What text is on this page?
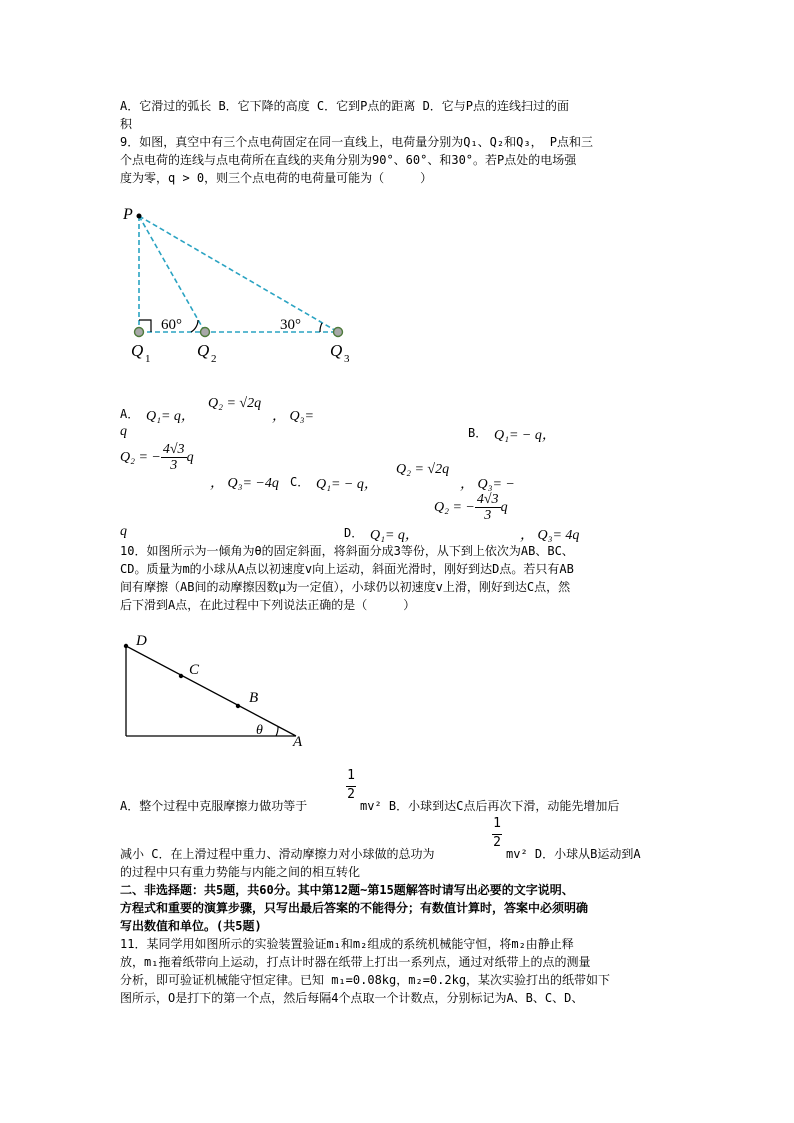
A．它滑过的弧长 B．它下降的高度 C．它到P点的距离 D．它与P点的连线扫过的面
积
9．如图，真空中有三个点电荷固定在同一直线上，电荷量分别为Q₁、Q₂和Q₃， P点和三
个点电荷的连线与点电荷所在直线的夹角分别为90°、60°、和30°。若P点处的电场强
度为零，q > 0，则三个点电荷的电荷量可能为（　　　）
P
60°	30°
Q 1	Q 2	Q 3
A． Q₁= q，
Q₂ = √2q
， Q₃=
q	B． Q₁= − q，
Q₂ = − $\frac{4√3}{3}$ q
， Q₃= −4q C． Q₁= − q，
Q₂ = √2q
， Q₃= −
Q₂ = − $\frac{4√3}{3}$ q
q	D． Q₁= q，	， Q₃= 4q
10．如图所示为一倾角为θ的固定斜面，将斜面分成3等份，从下到上依次为AB、BC、
CD。质量为m的小球从A点以初速度v向上运动，斜面光滑时，刚好到达D点。若只有AB
间有摩擦（AB间的动摩擦因数μ为一定值），小球仍以初速度v上滑，刚好到达C点，然
后下滑到A点，在此过程中下列说法正确的是（　　　）
D
C
B
θ
A
1
2
A．整个过程中克服摩擦力做功等于	mv² B．小球到达C点后再次下滑，动能先增加后
1
2
减小 C．在上滑过程中重力、滑动摩擦力对小球做的总功为	mv² D．小球从B运动到A
的过程中只有重力势能与内能之间的相互转化
二、非选择题：共5题，共60分。其中第12题~第15题解答时请写出必要的文字说明、
方程式和重要的演算步骤，只写出最后答案的不能得分；有数值计算时，答案中必须明确
写出数值和单位。(共5题)
11．某同学用如图所示的实验装置验证m₁和m₂组成的系统机械能守恒，将m₂由静止释
放，m₁拖着纸带向上运动，打点计时器在纸带上打出一系列点，通过对纸带上的点的测量
分析，即可验证机械能守恒定律。已知 m₁=0.08kg，m₂=0.2kg，某次实验打出的纸带如下
图所示，O是打下的第一个点，然后每隔4个点取一个计数点，分别标记为A、B、C、D、
